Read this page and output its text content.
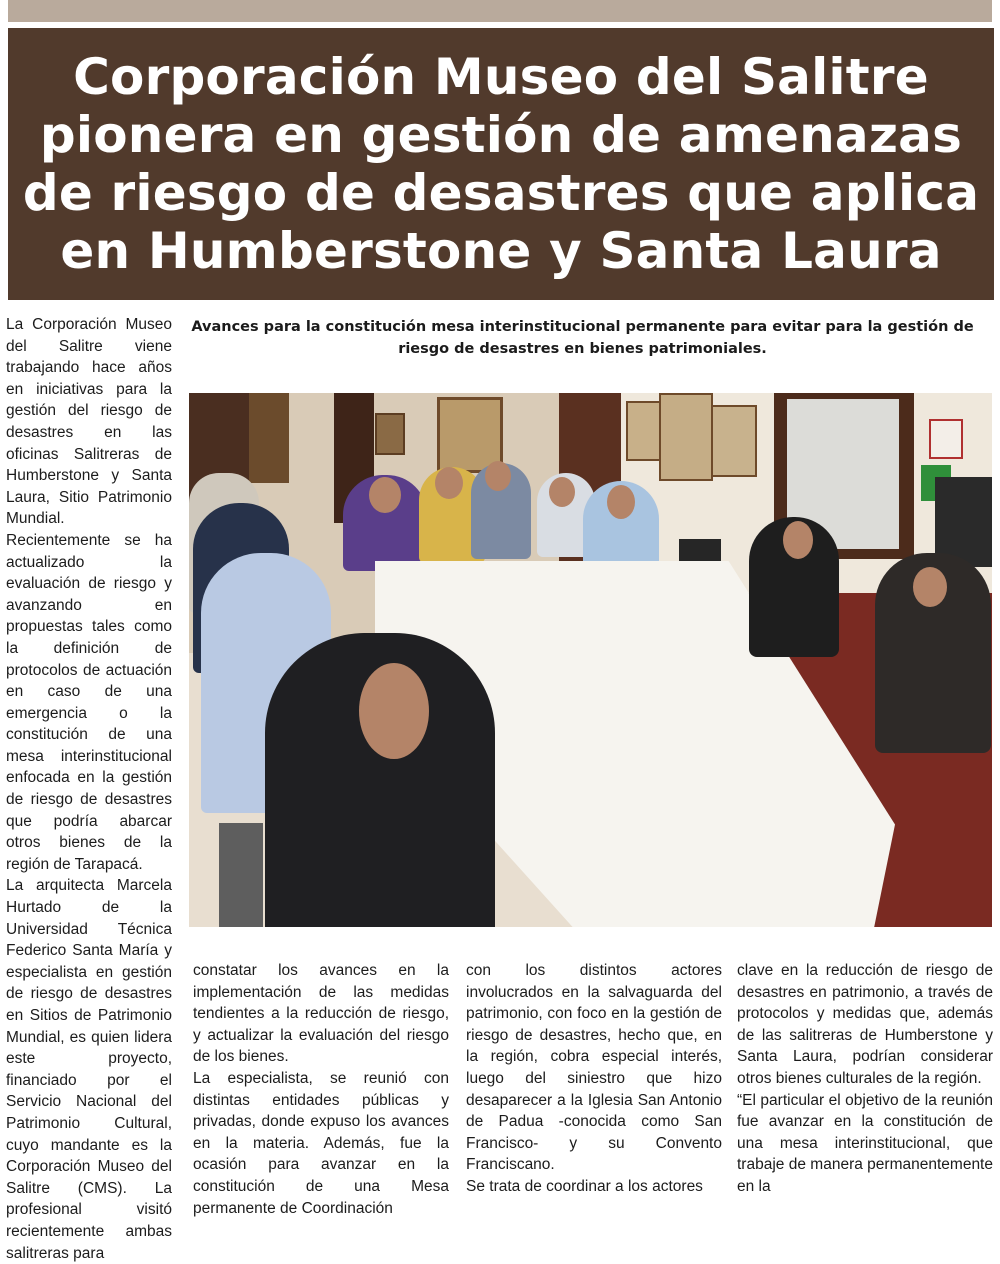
Corporación Museo del Salitre
pionera en gestión de amenazas
de riesgo de desastres que aplica
en Humberstone y Santa Laura

Avances para la constitución mesa interinstitucional permanente para evitar para la gestión de
riesgo de desastres en bienes patrimoniales.

La Corporación Museo del Salitre viene trabajando hace años en iniciativas para la gestión del riesgo de desastres en las oficinas Salitreras de Humberstone y Santa Laura, Sitio Patrimonio Mundial. Recientemente se ha actualizado la evaluación de riesgo y avanzando en propuestas tales como la definición de protocolos de actuación en caso de una emergencia o la constitución de una mesa interinstitucional enfocada en la gestión de riesgo de desastres que podría abarcar otros bienes de la región de Tarapacá.

La arquitecta Marcela Hurtado de la Universidad Técnica Federico Santa María y especialista en gestión de riesgo de desastres en Sitios de Patrimonio Mundial, es quien lidera este proyecto, financiado por el Servicio Nacional del Patrimonio Cultural, cuyo mandante es la Corporación Museo del Salitre (CMS). La profesional visitó recientemente ambas salitreras para

constatar los avances en la implementación de las medidas tendientes a la reducción de riesgo, y actualizar la evaluación del riesgo de los bienes.

La especialista, se reunió con distintas entidades públicas y privadas, donde expuso los avances en la materia. Además, fue la ocasión para avanzar en la constitución de una Mesa permanente de Coordinación

con los distintos actores involucrados en la salvaguarda del patrimonio, con foco en la gestión de riesgo de desastres, hecho que, en la región, cobra especial interés, luego del siniestro que hizo desaparecer a la Iglesia San Antonio de Padua -conocida como San Francisco- y su Convento Franciscano.

Se trata de coordinar a los actores

clave en la reducción de riesgo de desastres en patrimonio, a través de protocolos y medidas que, además de las salitreras de Humberstone y Santa Laura, podrían considerar otros bienes culturales de la región.

“El particular el objetivo de la reunión fue avanzar en la constitución de una mesa interinstitucional, que trabaje de manera permanentemente en la
